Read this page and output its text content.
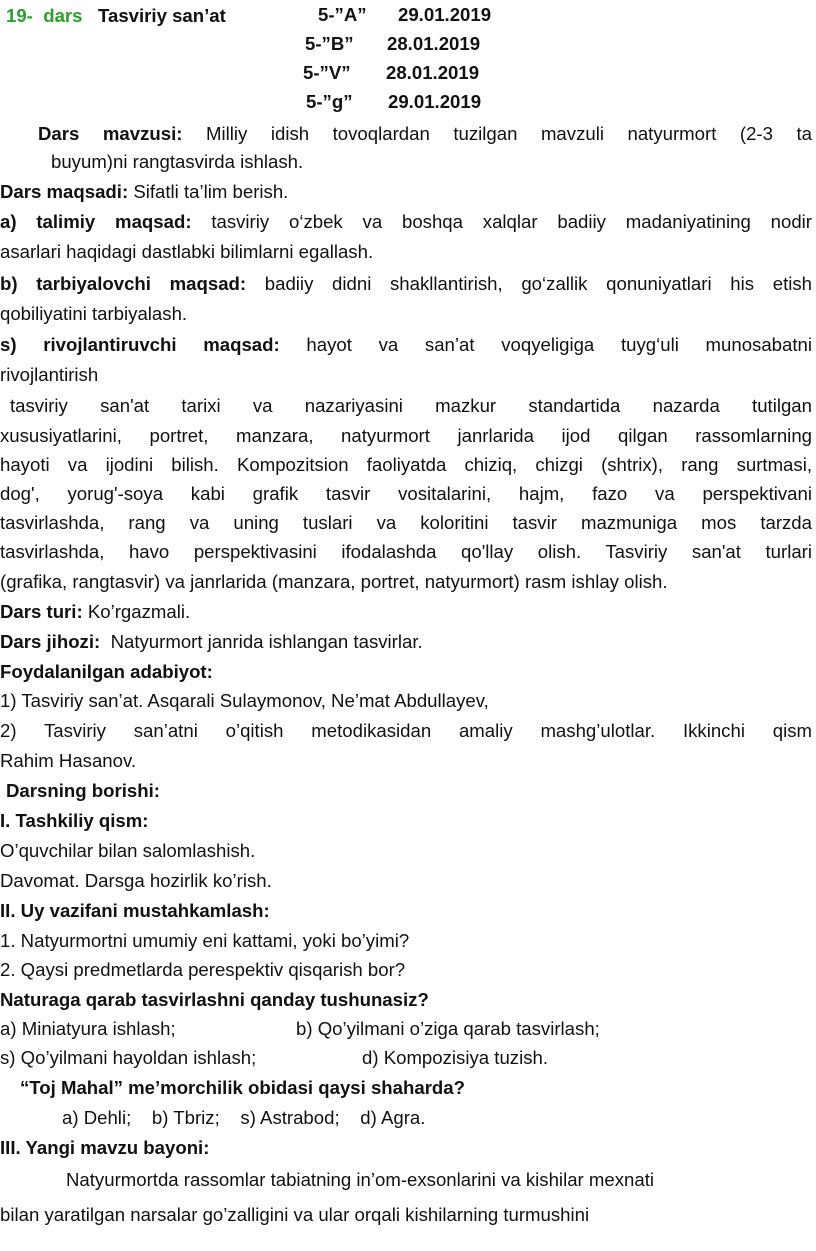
19- dars Tasviriy san’at	5-”A” 29.01.2019
5-”B” 28.01.2019
5-”V” 28.01.2019
5-”g” 29.01.2019
Dars mavzusi: Milliy idish tovoqlardan tuzilgan mavzuli natyurmort (2-3 ta
buyum)ni rangtasvirda ishlash.
Dars maqsadi: Sifatli ta’lim berish.
a) talimiy maqsad: tasviriy o‘zbek va boshqa xalqlar badiiy madaniyatining nodir
asarlari haqidagi dastlabki bilimlarni egallash.
b) tarbiyalovchi maqsad: badiiy didni shakllantirish, go‘zallik qonuniyatlari his etish
qobiliyatini tarbiyalash.
s) rivojlantiruvchi maqsad: hayot va san’at voqyeligiga tuyg‘uli munosabatni
rivojlantirish
tasviriy san'at tarixi va nazariyasini mazkur standartida nazarda tutilgan
xususiyatlarini, portret, manzara, natyurmort janrlarida ijod qilgan rassomlarning
hayoti va ijodini bilish. Kompozitsion faoliyatda chiziq, chizgi (shtrix), rang surtmasi,
dog', yorug'-soya kabi grafik tasvir vositalarini, hajm, fazo va perspektivani
tasvirlashda, rang va uning tuslari va koloritini tasvir mazmuniga mos tarzda
tasvirlashda, havo perspektivasini ifodalashda qo'llay olish. Tasviriy san'at turlari
(grafika, rangtasvir) va janrlarida (manzara, portret, natyurmort) rasm ishlay olish.
Dars turi: Ko’rgazmali.
Dars jihozi: Natyurmort janrida ishlangan tasvirlar.
Foydalanilgan adabiyot:
1) Tasviriy san’at. Asqarali Sulaymonov, Ne’mat Abdullayev,
2) Tasviriy san’atni o’qitish metodikasidan amaliy mashg’ulotlar. Ikkinchi qism
Rahim Hasanov.
Darsning borishi:
I. Tashkiliy qism:
O’quvchilar bilan salomlashish.
Davomat. Darsga hozirlik ko’rish.
II. Uy vazifani mustahkamlash:
1. Natyurmortni umumiy eni kattami, yoki bo’yimi?
2. Qaysi predmetlarda perespektiv qisqarish bor?
Naturaga qarab tasvirlashni qanday tushunasiz?
a) Miniatyura ishlash;	b) Qo’yilmani o’ziga qarab tasvirlash;
s) Qo’yilmani hayoldan ishlash;	d) Kompozisiya tuzish.
“Toj Mahal” me’morchilik obidasi qaysi shaharda?
a) Dehli;    b) Tbriz;    s) Astrabod;    d) Agra.
III. Yangi mavzu bayoni:
Natyurmortda rassomlar tabiatning in’om-exsonlarini va kishilar mexnati
bilan yaratilgan narsalar go’zalligini va ular orqali kishilarning turmushini
